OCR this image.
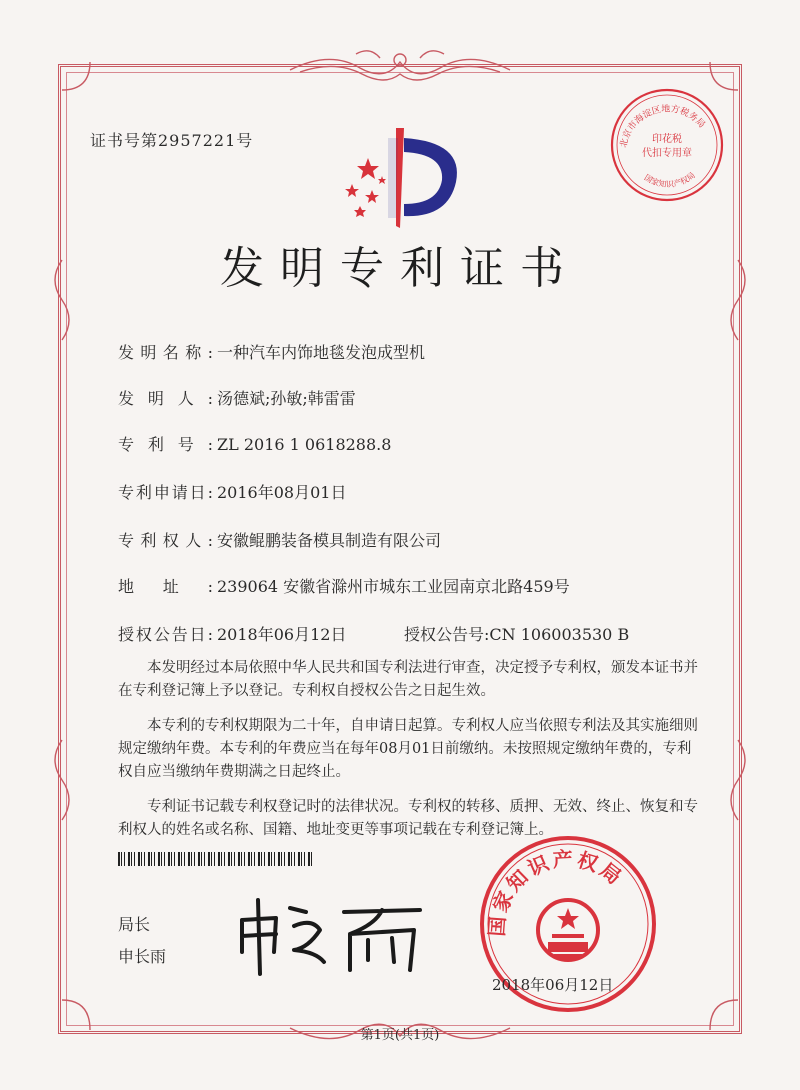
证书号第2957221号	北京市海淀区地方税务局
印花税
代扣专用章
国家知识产权局
发明专利证书
发明名称: 一种汽车内饰地毯发泡成型机
发明人: 汤德斌;孙敏;韩雷雷
专利号: ZL 2016 1 0618288.8
专利申请日: 2016年08月01日
专利权人: 安徽鲲鹏装备模具制造有限公司
地址: 239064 安徽省滁州市城东工业园南京北路459号
授权公告日: 2018年06月12日	授权公告号:CN 106003530 B

本发明经过本局依照中华人民共和国专利法进行审查，决定授予专利权，颁发本证书并在专利登记簿上予以登记。专利权自授权公告之日起生效。

本专利的专利权期限为二十年，自申请日起算。专利权人应当依照专利法及其实施细则规定缴纳年费。本专利的年费应当在每年08月01日前缴纳。未按照规定缴纳年费的，专利权自应当缴纳年费期满之日起终止。

专利证书记载专利权登记时的法律状况。专利权的转移、质押、无效、终止、恢复和专利权人的姓名或名称、国籍、地址变更等事项记载在专利登记簿上。

局长
申长雨
国家知识产权局
2018年06月12日
第1页(共1页)
